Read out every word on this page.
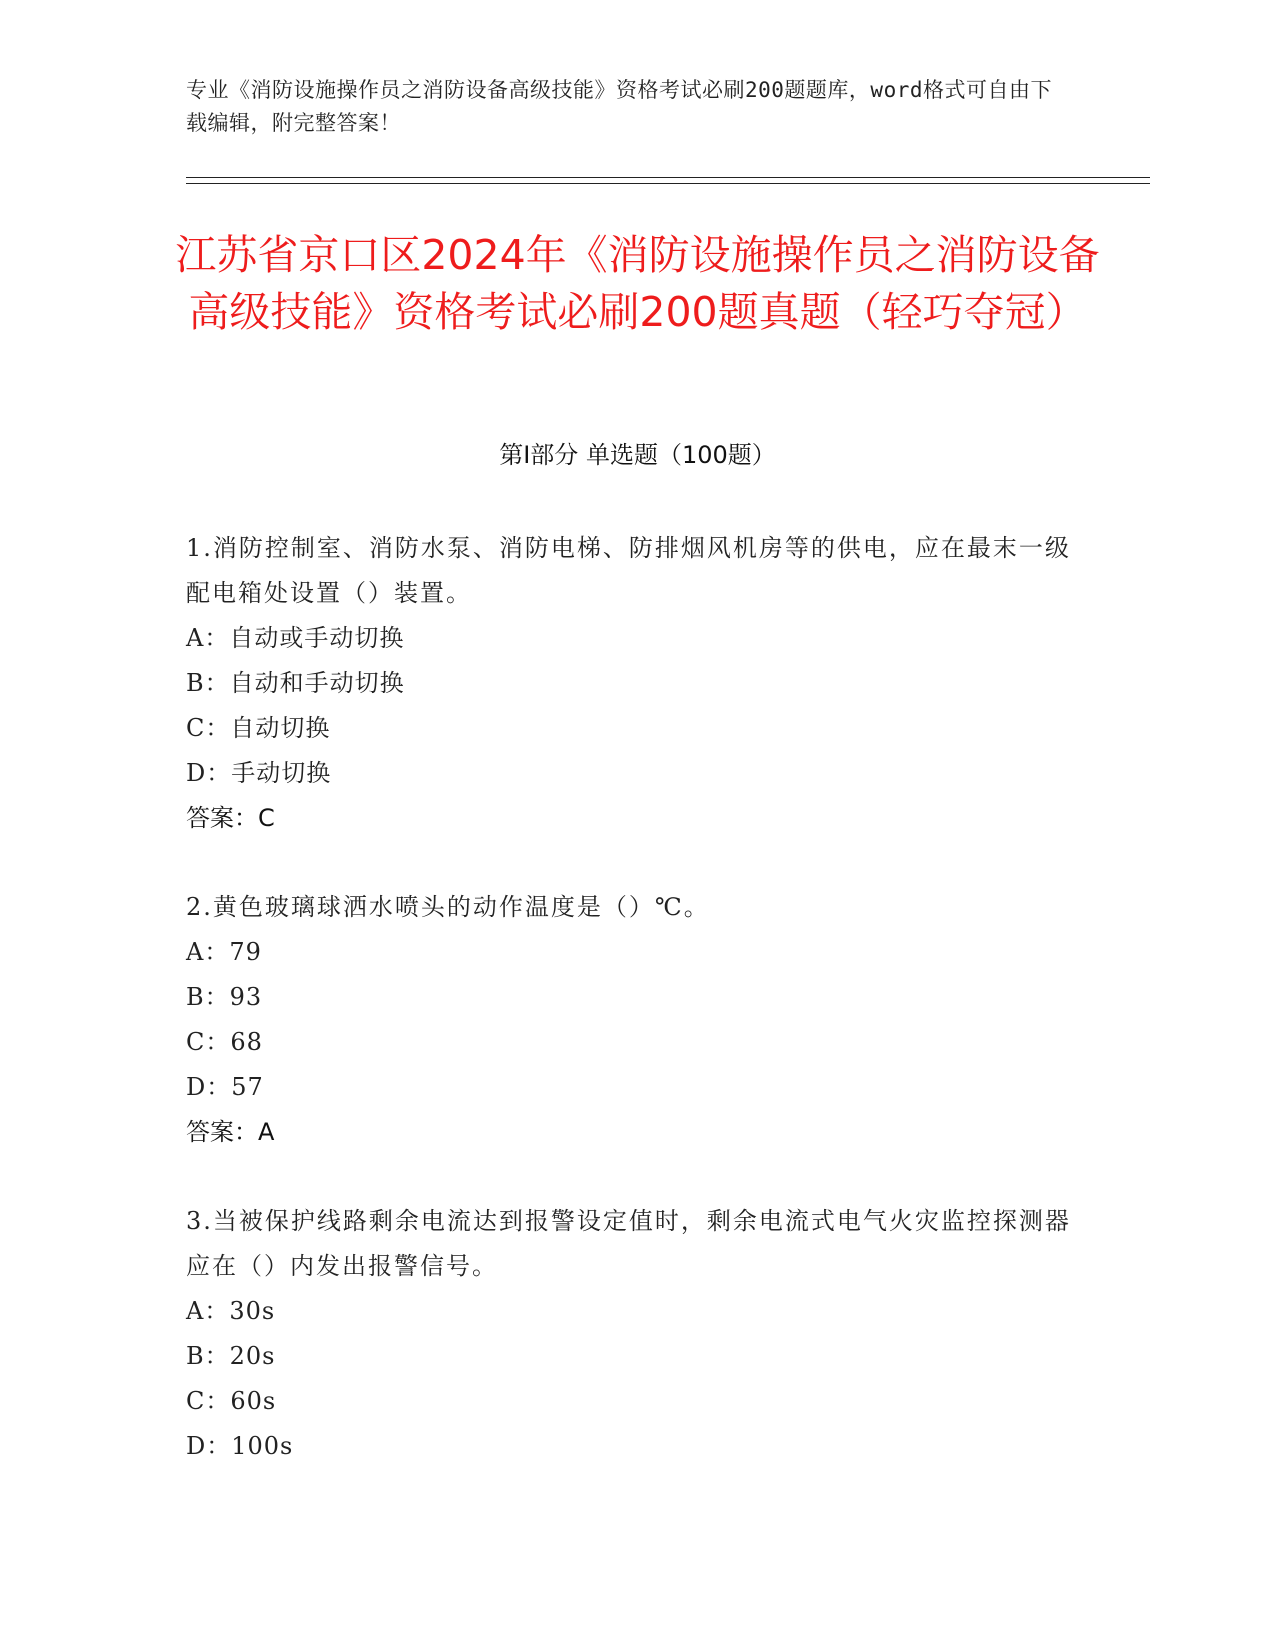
专业《消防设施操作员之消防设备高级技能》资格考试必刷200题题库，word格式可自由下载编辑，附完整答案！
江苏省京口区2024年《消防设施操作员之消防设备高级技能》资格考试必刷200题真题（轻巧夺冠）
第Ⅰ部分 单选题（100题）
1.消防控制室、消防水泵、消防电梯、防排烟风机房等的供电，应在最末一级配电箱处设置（）装置。
A：自动或手动切换
B：自动和手动切换
C：自动切换
D：手动切换
答案：C
2.黄色玻璃球洒水喷头的动作温度是（）℃。
A：79
B：93
C：68
D：57
答案：A
3.当被保护线路剩余电流达到报警设定值时，剩余电流式电气火灾监控探测器应在（）内发出报警信号。
A：30s
B：20s
C：60s
D：100s
